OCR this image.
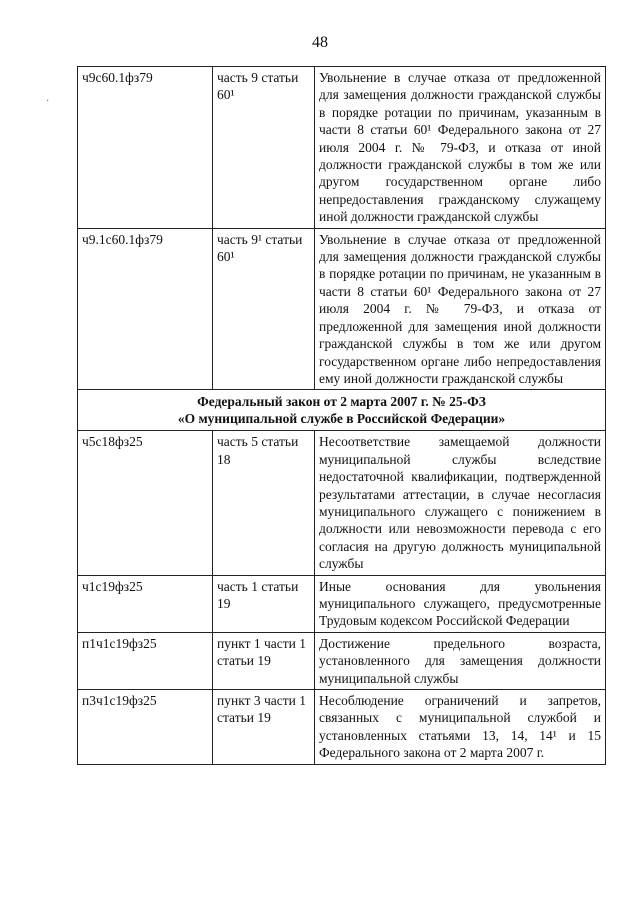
48
ч9с60.1фз79	часть 9 статьи 60¹	Увольнение в случае отказа от предложенной для замещения должности гражданской службы в порядке ротации по причинам, указанным в части 8 статьи 60¹ Федерального закона от 27 июля 2004 г. № 79-ФЗ, и отказа от иной должности гражданской службы в том же или другом государственном органе либо непредоставления гражданскому служащему иной должности гражданской службы
ч9.1с60.1фз79	часть 9¹ статьи 60¹	Увольнение в случае отказа от предложенной для замещения должности гражданской службы в порядке ротации по причинам, не указанным в части 8 статьи 60¹ Федерального закона от 27 июля 2004 г. № 79-ФЗ, и отказа от предложенной для замещения иной должности гражданской службы в том же или другом государственном органе либо непредоставления ему иной должности гражданской службы

Федеральный закон от 2 марта 2007 г. № 25-ФЗ
«О муниципальной службе в Российской Федерации»		

ч5с18фз25	часть 5 статьи 18	Несоответствие замещаемой должности муниципальной службы вследствие недостаточной квалификации, подтвержденной результатами аттестации, в случае несогласия муниципального служащего с понижением в должности или невозможности перевода с его согласия на другую должность муниципальной службы
ч1с19фз25	часть 1 статьи 19	Иные основания для увольнения муниципального служащего, предусмотренные Трудовым кодексом Российской Федерации
п1ч1с19фз25	пункт 1 части 1 статьи 19	Достижение предельного возраста, установленного для замещения должности муниципальной службы
п3ч1с19фз25	пункт 3 части 1 статьи 19	Несоблюдение ограничений и запретов, связанных с муниципальной службой и установленных статьями 13, 14, 14¹ и 15 Федерального закона от 2 марта 2007 г.
·
